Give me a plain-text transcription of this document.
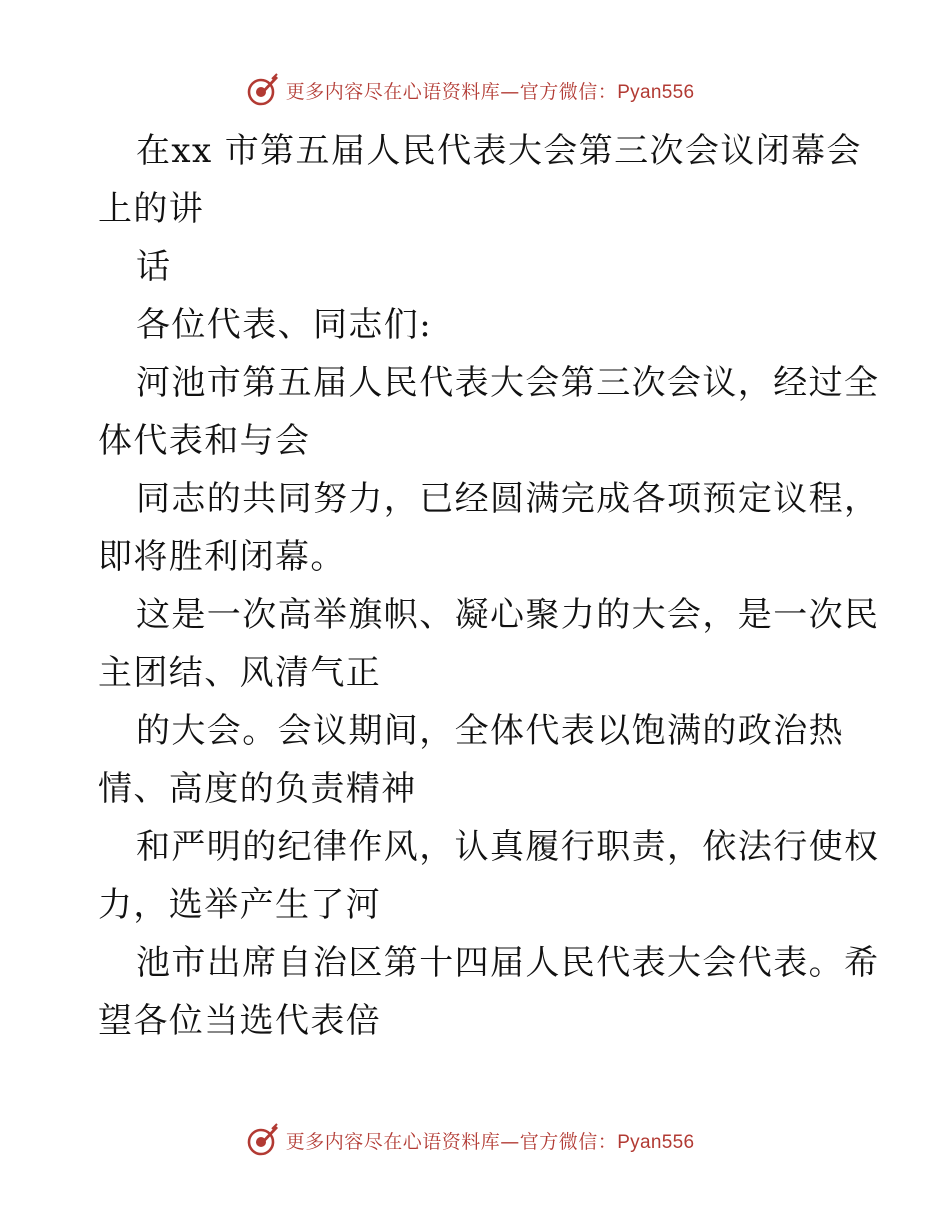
更多内容尽在心语资料库—官方微信：Pyan556
在xx 市第五届人民代表大会第三次会议闭幕会
上的讲
话
各位代表、同志们:
河池市第五届人民代表大会第三次会议，经过全
体代表和与会
同志的共同努力，已经圆满完成各项预定议程，
即将胜利闭幕。
这是一次高举旗帜、凝心聚力的大会，是一次民
主团结、风清气正
的大会。会议期间，全体代表以饱满的政治热
情、高度的负责精神
和严明的纪律作风，认真履行职责，依法行使权
力，选举产生了河
池市出席自治区第十四届人民代表大会代表。希
望各位当选代表倍
更多内容尽在心语资料库—官方微信：Pyan556
